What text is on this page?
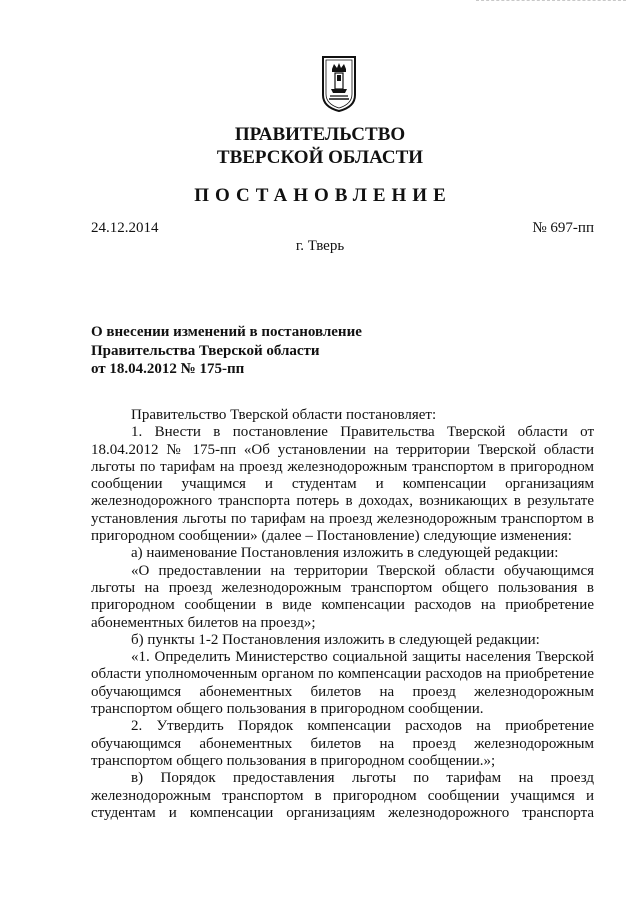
ПРАВИТЕЛЬСТВО
ТВЕРСКОЙ ОБЛАСТИ
ПОСТАНОВЛЕНИЕ
24.12.2014	№ 697-пп
г. Тверь
О внесении изменений в постановление
Правительства Тверской области
от 18.04.2012 № 175-пп
Правительство Тверской области постановляет:
1. Внести в постановление Правительства Тверской области от 18.04.2012 № 175-пп «Об установлении на территории Тверской области льготы по тарифам на проезд железнодорожным транспортом в пригородном сообщении учащимся и студентам и компенсации организациям железнодорожного транспорта потерь в доходах, возникающих в результате установления льготы по тарифам на проезд железнодорожным транспортом в пригородном сообщении» (далее – Постановление) следующие изменения:
а) наименование Постановления изложить в следующей редакции:
«О предоставлении на территории Тверской области обучающимся льготы на проезд железнодорожным транспортом общего пользования в пригородном сообщении в виде компенсации расходов на приобретение абонементных билетов на проезд»;
б) пункты 1-2 Постановления изложить в следующей редакции:
«1. Определить Министерство социальной защиты населения Тверской области уполномоченным органом по компенсации расходов на приобретение обучающимся абонементных билетов на проезд железнодорожным транспортом общего пользования в пригородном сообщении.
2. Утвердить Порядок компенсации расходов на приобретение обучающимся абонементных билетов на проезд железнодорожным транспортом общего пользования в пригородном сообщении.»;
в) Порядок предоставления льготы по тарифам на проезд железнодорожным транспортом в пригородном сообщении учащимся и студентам и компенсации организациям железнодорожного транспорта
